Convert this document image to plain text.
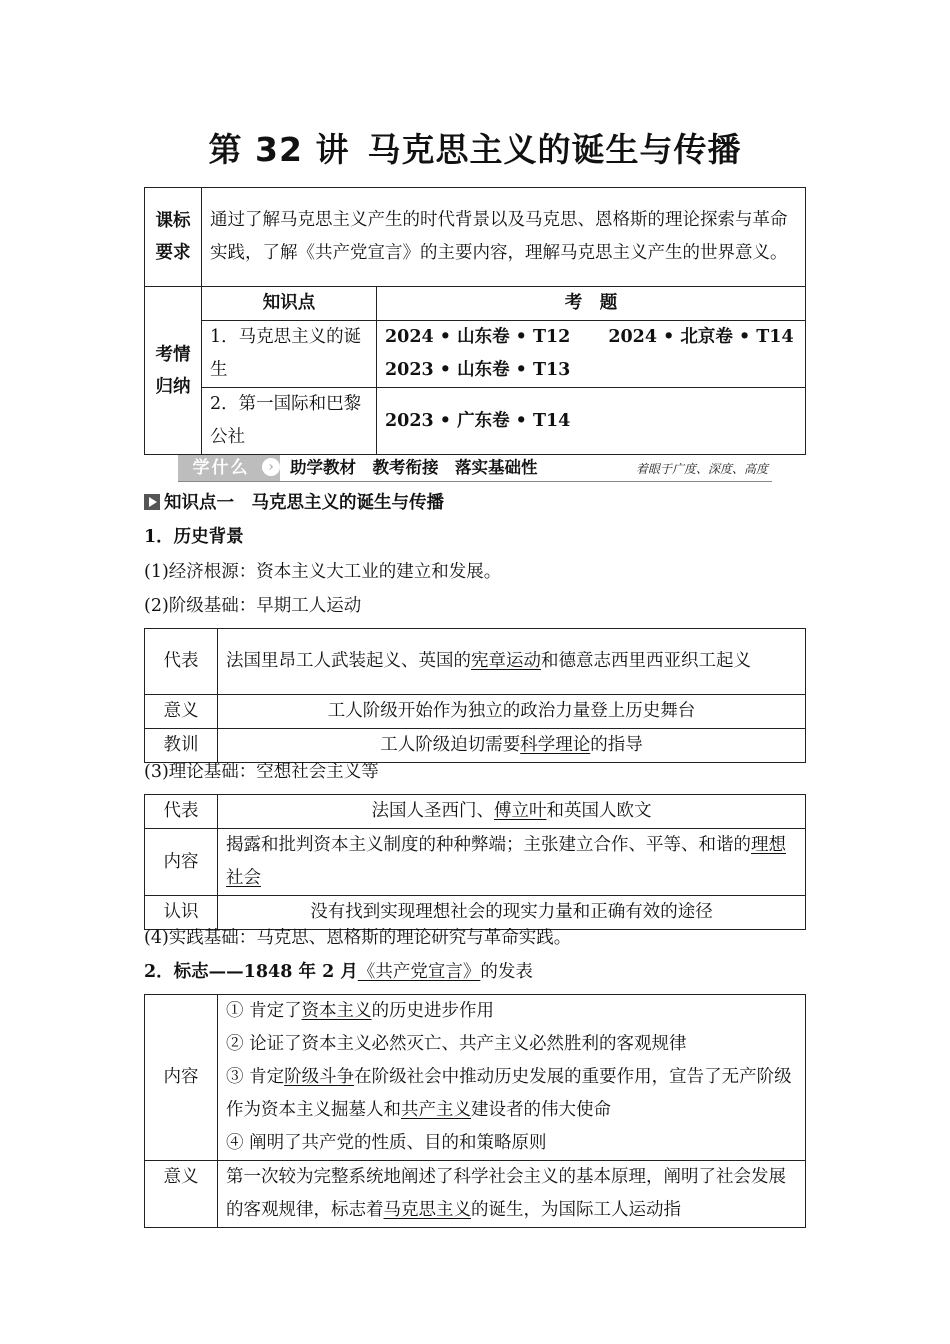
第 32 讲 马克思主义的诞生与传播
课标要求	通过了解马克思主义产生的时代背景以及马克思、恩格斯的理论探索与革命实践，了解《共产党宣言》的主要内容，理解马克思主义产生的世界意义。	
考情归纳	知识点	考　题
	1．马克思主义的诞生	2024 • 山东卷 • T12 2024 • 北京卷 • T14
2023 • 山东卷 • T13
	2．第一国际和巴黎公社	2023 • 广东卷 • T14
学什么	› 助学教材　教考衔接　落实基础性	着眼于广度、深度、高度
知识点一　马克思主义的诞生与传播
1．历史背景
(1)经济根源：资本主义大工业的建立和发展。
(2)阶级基础：早期工人运动
代表	法国里昂工人武装起义、英国的宪章运动和德意志西里西亚织工起义
意义	工人阶级开始作为独立的政治力量登上历史舞台
教训	工人阶级迫切需要科学理论的指导
(3)理论基础：空想社会主义等
代表	法国人圣西门、傅立叶和英国人欧文
内容	揭露和批判资本主义制度的种种弊端；主张建立合作、平等、和谐的理想社会
认识	没有找到实现理想社会的现实力量和正确有效的途径
(4)实践基础：马克思、恩格斯的理论研究与革命实践。
2．标志——1848 年 2 月《共产党宣言》的发表
内容	① 肯定了资本主义的历史进步作用
② 论证了资本主义必然灭亡、共产主义必然胜利的客观规律
③ 肯定阶级斗争在阶级社会中推动历史发展的重要作用，宣告了无产阶级作为资本主义掘墓人和共产主义建设者的伟大使命
④ 阐明了共产党的性质、目的和策略原则

意义	第一次较为完整系统地阐述了科学社会主义的基本原理，阐明了社会发展的客观规律，标志着马克思主义的诞生，为国际工人运动指
